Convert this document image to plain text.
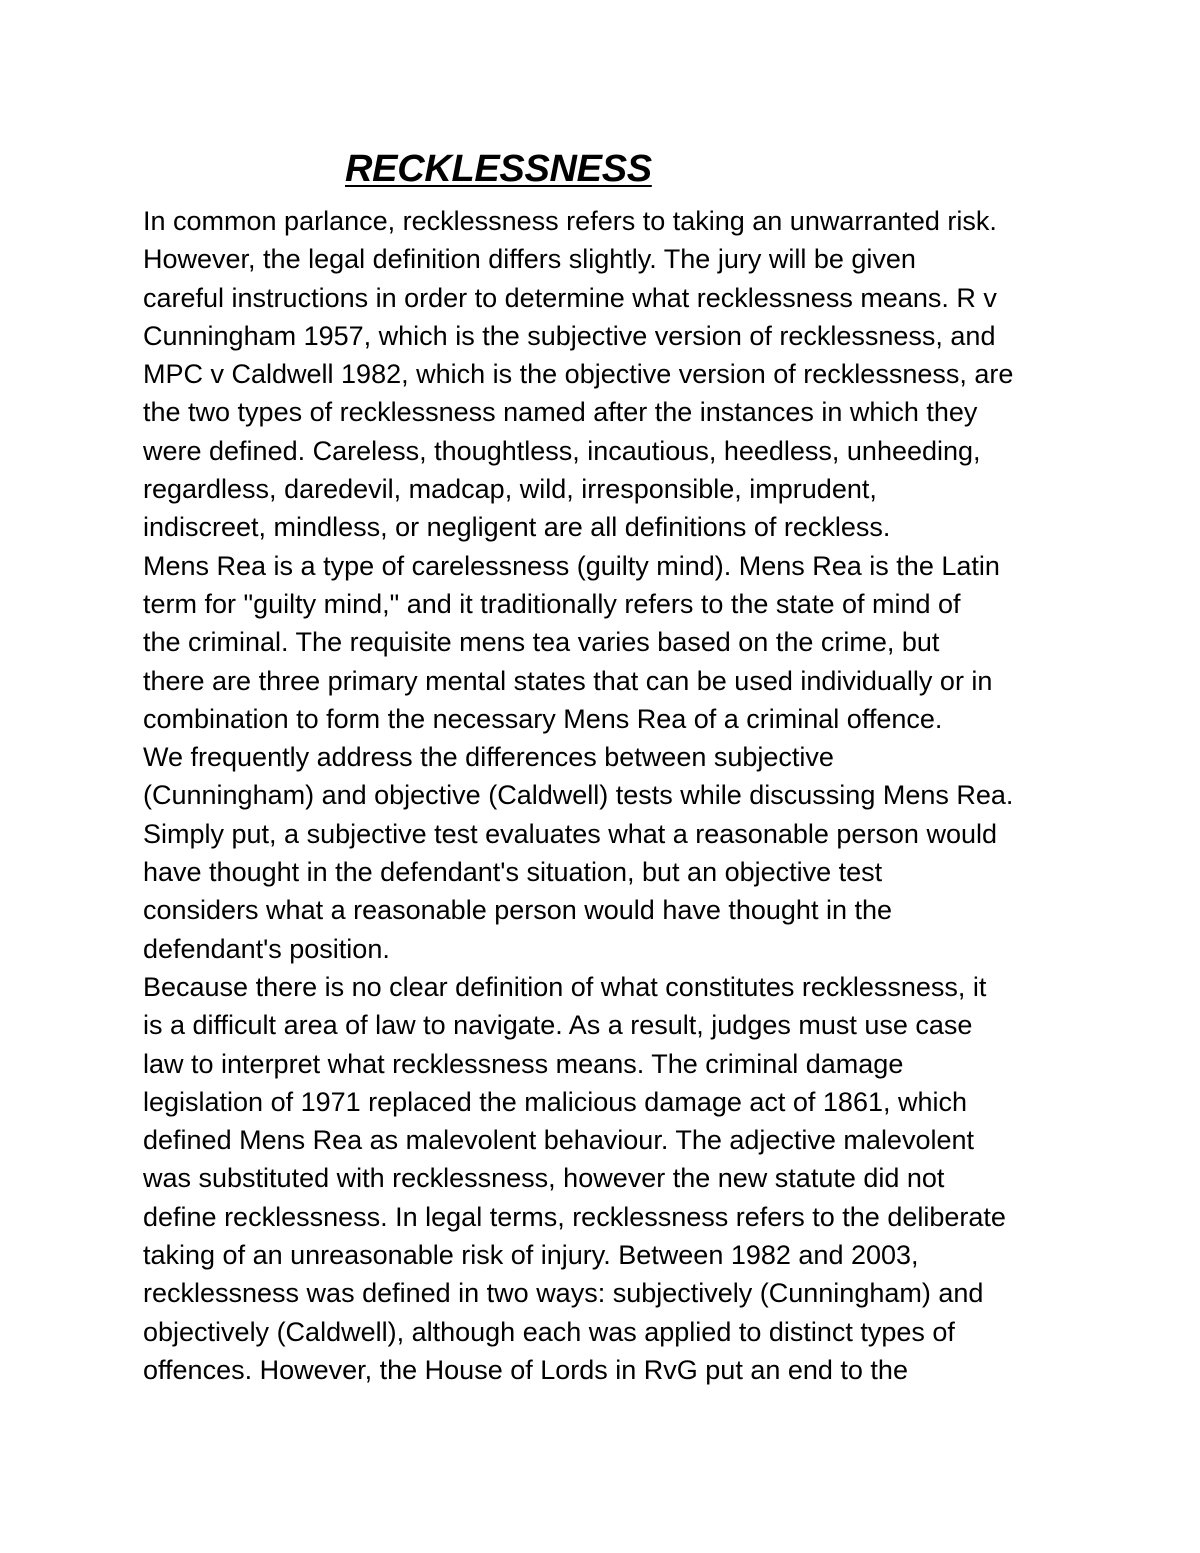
RECKLESSNESS
In common parlance, recklessness refers to taking an unwarranted risk.
However, the legal definition differs slightly. The jury will be given
careful instructions in order to determine what recklessness means. R v
Cunningham 1957, which is the subjective version of recklessness, and
MPC v Caldwell 1982, which is the objective version of recklessness, are
the two types of recklessness named after the instances in which they
were defined. Careless, thoughtless, incautious, heedless, unheeding,
regardless, daredevil, madcap, wild, irresponsible, imprudent,
indiscreet, mindless, or negligent are all definitions of reckless.
Mens Rea is a type of carelessness (guilty mind). Mens Rea is the Latin
term for "guilty mind," and it traditionally refers to the state of mind of
the criminal. The requisite mens tea varies based on the crime, but
there are three primary mental states that can be used individually or in
combination to form the necessary Mens Rea of a criminal offence.
We frequently address the differences between subjective
(Cunningham) and objective (Caldwell) tests while discussing Mens Rea.
Simply put, a subjective test evaluates what a reasonable person would
have thought in the defendant's situation, but an objective test
considers what a reasonable person would have thought in the
defendant's position.
Because there is no clear definition of what constitutes recklessness, it
is a difficult area of law to navigate. As a result, judges must use case
law to interpret what recklessness means. The criminal damage
legislation of 1971 replaced the malicious damage act of 1861, which
defined Mens Rea as malevolent behaviour. The adjective malevolent
was substituted with recklessness, however the new statute did not
define recklessness. In legal terms, recklessness refers to the deliberate
taking of an unreasonable risk of injury. Between 1982 and 2003,
recklessness was defined in two ways: subjectively (Cunningham) and
objectively (Caldwell), although each was applied to distinct types of
offences. However, the House of Lords in RvG put an end to the
